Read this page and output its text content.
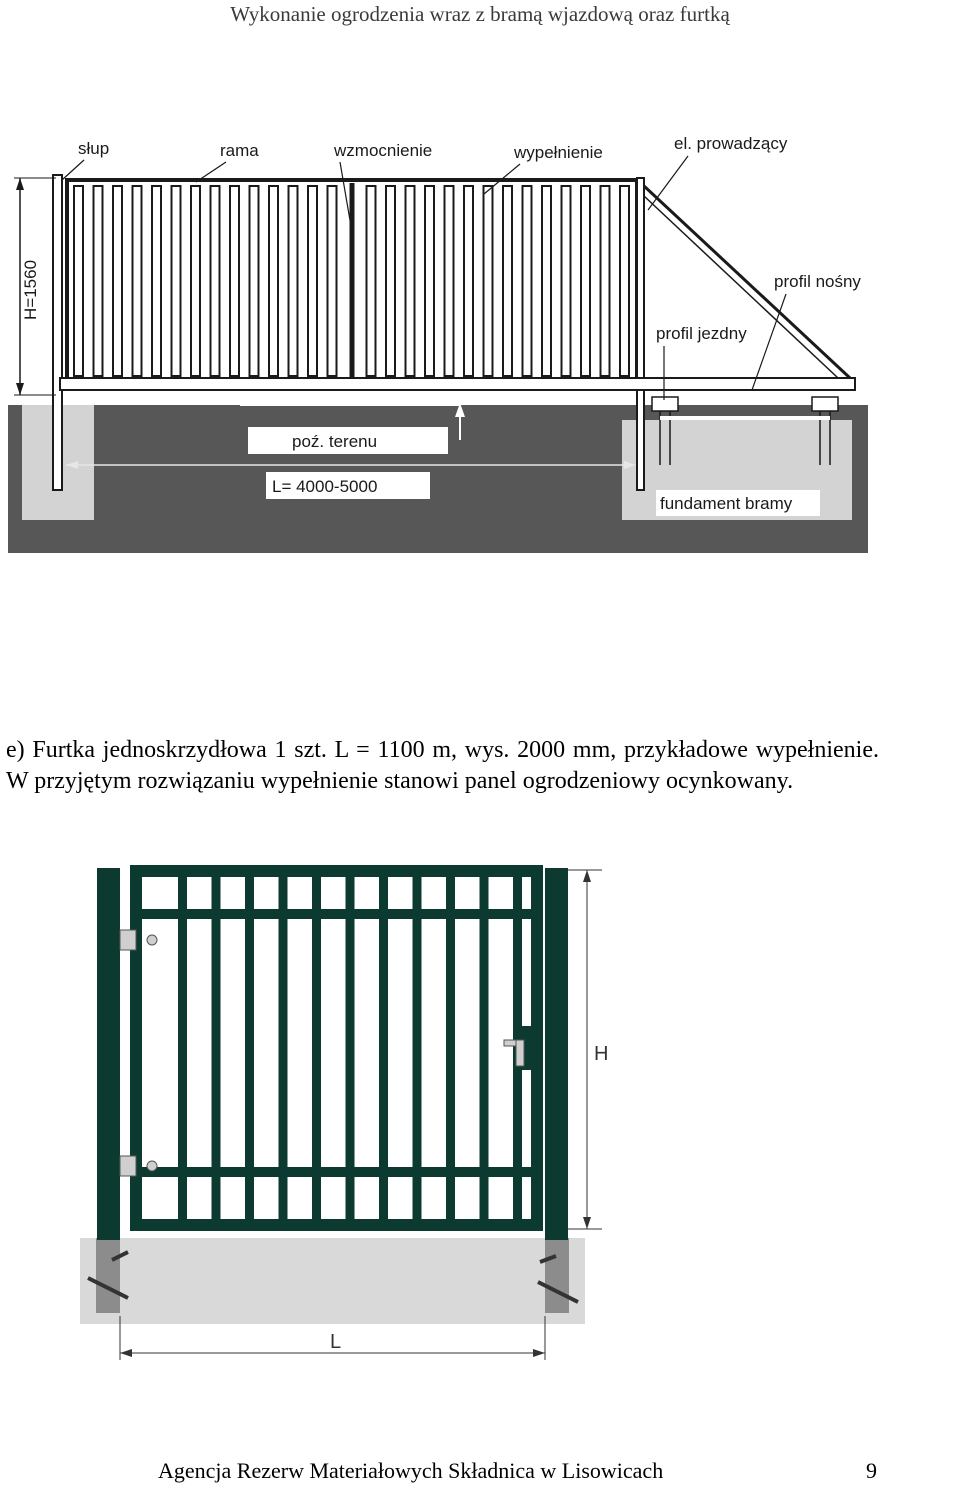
Wykonanie ogrodzenia wraz z bramą wjazdową oraz furtką
H=1560
poź. terenu
L= 4000-5000
fundament bramy
słup	rama	wzmocnienie	wypełnienie	el. prowadzący
profil nośny
profil jezdny
e) Furtka jednoskrzydłowa 1 szt. L = 1100 m, wys. 2000 mm, przykładowe wypełnienie. W przyjętym rozwiązaniu wypełnienie stanowi panel ogrodzeniowy ocynkowany.
H
L
Agencja Rezerw Materiałowych Składnica w Lisowicach	9
